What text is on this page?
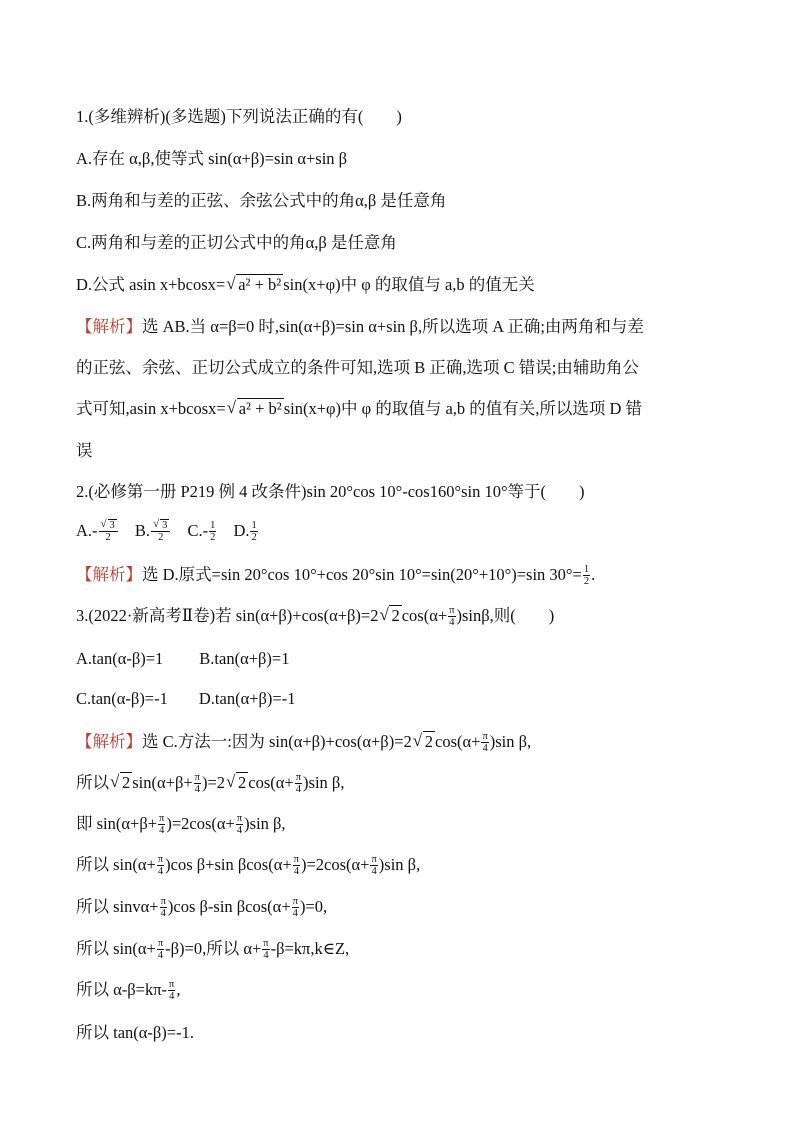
1.(多维辨析)(多选题)下列说法正确的有(　　)
A.存在 α,β,使等式 sin(α+β)=sin α+sin β
B.两角和与差的正弦、余弦公式中的角α,β 是任意角
C.两角和与差的正切公式中的角α,β 是任意角
D.公式 asin x+bcosx=√ a² + b² sin(x+φ)中 φ 的取值与 a,b 的值无关
【解析】选 AB.当 α=β=0 时,sin(α+β)=sin α+sin β,所以选项 A 正确;由两角和与差
的正弦、余弦、正切公式成立的条件可知,选项 B 正确,选项 C 错误;由辅助角公
式可知,asin x+bcosx=√ a² + b² sin(x+φ)中 φ 的取值与 a,b 的值有关,所以选项 D 错
误
2.(必修第一册 P219 例 4 改条件)sin 20°cos 10°-cos160°sin 10°等于(　　)
A.-
√ $\frac{3}{2} B$.
√ $\frac{3}{2} C.- \frac{1}{2} D$. $\frac{1}{2}$
【解析】选 D.原式=sin 20°cos 10°+cos 20°sin 10°=sin(20°+10°)=sin $30^\circ= \frac{1}{2}$ .
3.(2022·新高考Ⅱ卷)若 sin(α+β)+cos(α+β)=2√ 2 $\cos(\alpha+ \frac{\pi}{4} )\sin\beta$,则(　　)
A.tan(α-β)=1 B.tan(α+β)=1
C.tan(α-β)=-1 D.tan(α+β)=-1
【解析】选 C.方法一:因为 sin(α+β)+cos(α+β)=2√ 2 $\cos(\alpha+ \frac{\pi}{4} )\sin$ β,
所以√ 2 $\sin(\alpha+\beta+ \frac{\pi}{4} )=2√$ 2 $\cos(\alpha+ \frac{\pi}{4} )\sin$ β,
即 $\sin(\alpha+\beta+ \frac{\pi}{4} )=2\cos(\alpha+ \frac{\pi}{4} )\sin$ β,
所以 $\sin(\alpha+ \frac{\pi}{4} )\cos$ β+sin $\beta\cos(\alpha+ \frac{\pi}{4} )=2\cos(\alpha+ \frac{\pi}{4} )\sin$ β,
所以 $\sin v\alpha+ \frac{\pi}{4} )\cos$ β-sin $\beta\cos(\alpha+ \frac{\pi}{4} )=0$,
所以 $\sin(\alpha+ \frac{\pi}{4} -\beta)=0$,所以 $\alpha+ \frac{\pi}{4}$ -β=kπ,k∈Z,
所以 $\alpha-\beta=k\pi- \frac{\pi}{4}$ ,
所以 tan(α-β)=-1.
